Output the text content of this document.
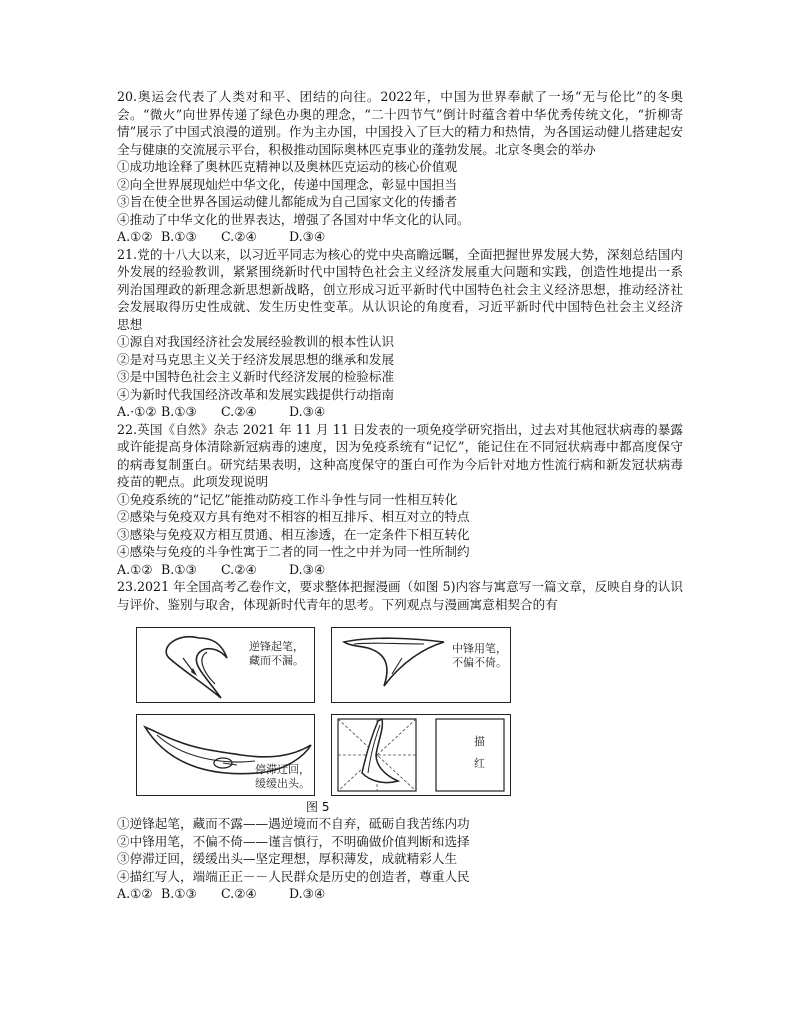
20.奥运会代表了人类对和平、团结的向往。2022年，中国为世界奉献了一场“无与伦比”的冬奥会。“微火”向世界传递了绿色办奥的理念，“二十四节气”倒计时蕴含着中华优秀传统文化，“折柳寄情”展示了中国式浪漫的道别。作为主办国，中国投入了巨大的精力和热情，为各国运动健儿搭建起安全与健康的交流展示平台，积极推动国际奥林匹克事业的蓬勃发展。北京冬奥会的举办

①成功地诠释了奥林匹克精神以及奥林匹克运动的核心价值观

②向全世界展现灿烂中华文化，传递中国理念，彰显中国担当

③旨在使全世界各国运动健儿都能成为自己国家文化的传播者

④推动了中华文化的世界表达，增强了各国对中华文化的认同。

A.①② B.①③ C.②④	D.③④

21.党的十八大以来，以习近平同志为核心的党中央高瞻远瞩，全面把握世界发展大势，深刻总结国内外发展的经验教训，紧紧围绕新时代中国特色社会主义经济发展重大问题和实践，创造性地提出一系列治国理政的新理念新思想新战略，创立形成习近平新时代中国特色社会主义经济思想，推动经济社会发展取得历史性成就、发生历史性变革。从认识论的角度看，习近平新时代中国特色社会主义经济思想

①源自对我国经济社会发展经验教训的根本性认识

②是对马克思主义关于经济发展思想的继承和发展

③是中国特色社会主义新时代经济发展的检验标准

④为新时代我国经济改革和发展实践提供行动指南

A.·①② B.①③ C.②④	D.③④

22.英国《自然》杂志 2021 年 11 月 11 日发表的一项免疫学研究指出，过去对其他冠状病毒的暴露或许能提高身体清除新冠病毒的速度，因为免疫系统有“记忆”，能记住在不同冠状病毒中都高度保守的病毒复制蛋白。研究结果表明，这种高度保守的蛋白可作为今后针对地方性流行病和新发冠状病毒疫苗的靶点。此项发现说明

①免疫系统的“记忆”能推动防疫工作斗争性与同一性相互转化

②感染与免疫双方具有绝对不相容的相互排斥、相互对立的特点

③感染与免疫双方相互贯通、相互渗透，在一定条件下相互转化

④感染与免疫的斗争性寓于二者的同一性之中并为同一性所制约

A.①② B.①③ C.②④	D.③④

23.2021 年全国高考乙卷作文，要求整体把握漫画（如图 5)内容与寓意写一篇文章，反映自身的认识与评价、鉴别与取舍，体现新时代青年的思考。下列观点与漫画寓意相契合的有

逆锋起笔，
藏而不漏。
中锋用笔，
不偏不倚。
停滞迂回，
缓缓出头。
描
红
图 5

①逆锋起笔，藏而不露——遇逆境而不自弃，砥砺自我苦练内功

②中锋用笔，不偏不倚——谨言慎行，不明确做价值判断和选择

③停滞迂回，缓缓出头—坚定理想，厚积薄发，成就精彩人生

④描红写人，端端正正－－人民群众是历史的创造者，尊重人民

A.①② B.①③ C.②④	D.③④
